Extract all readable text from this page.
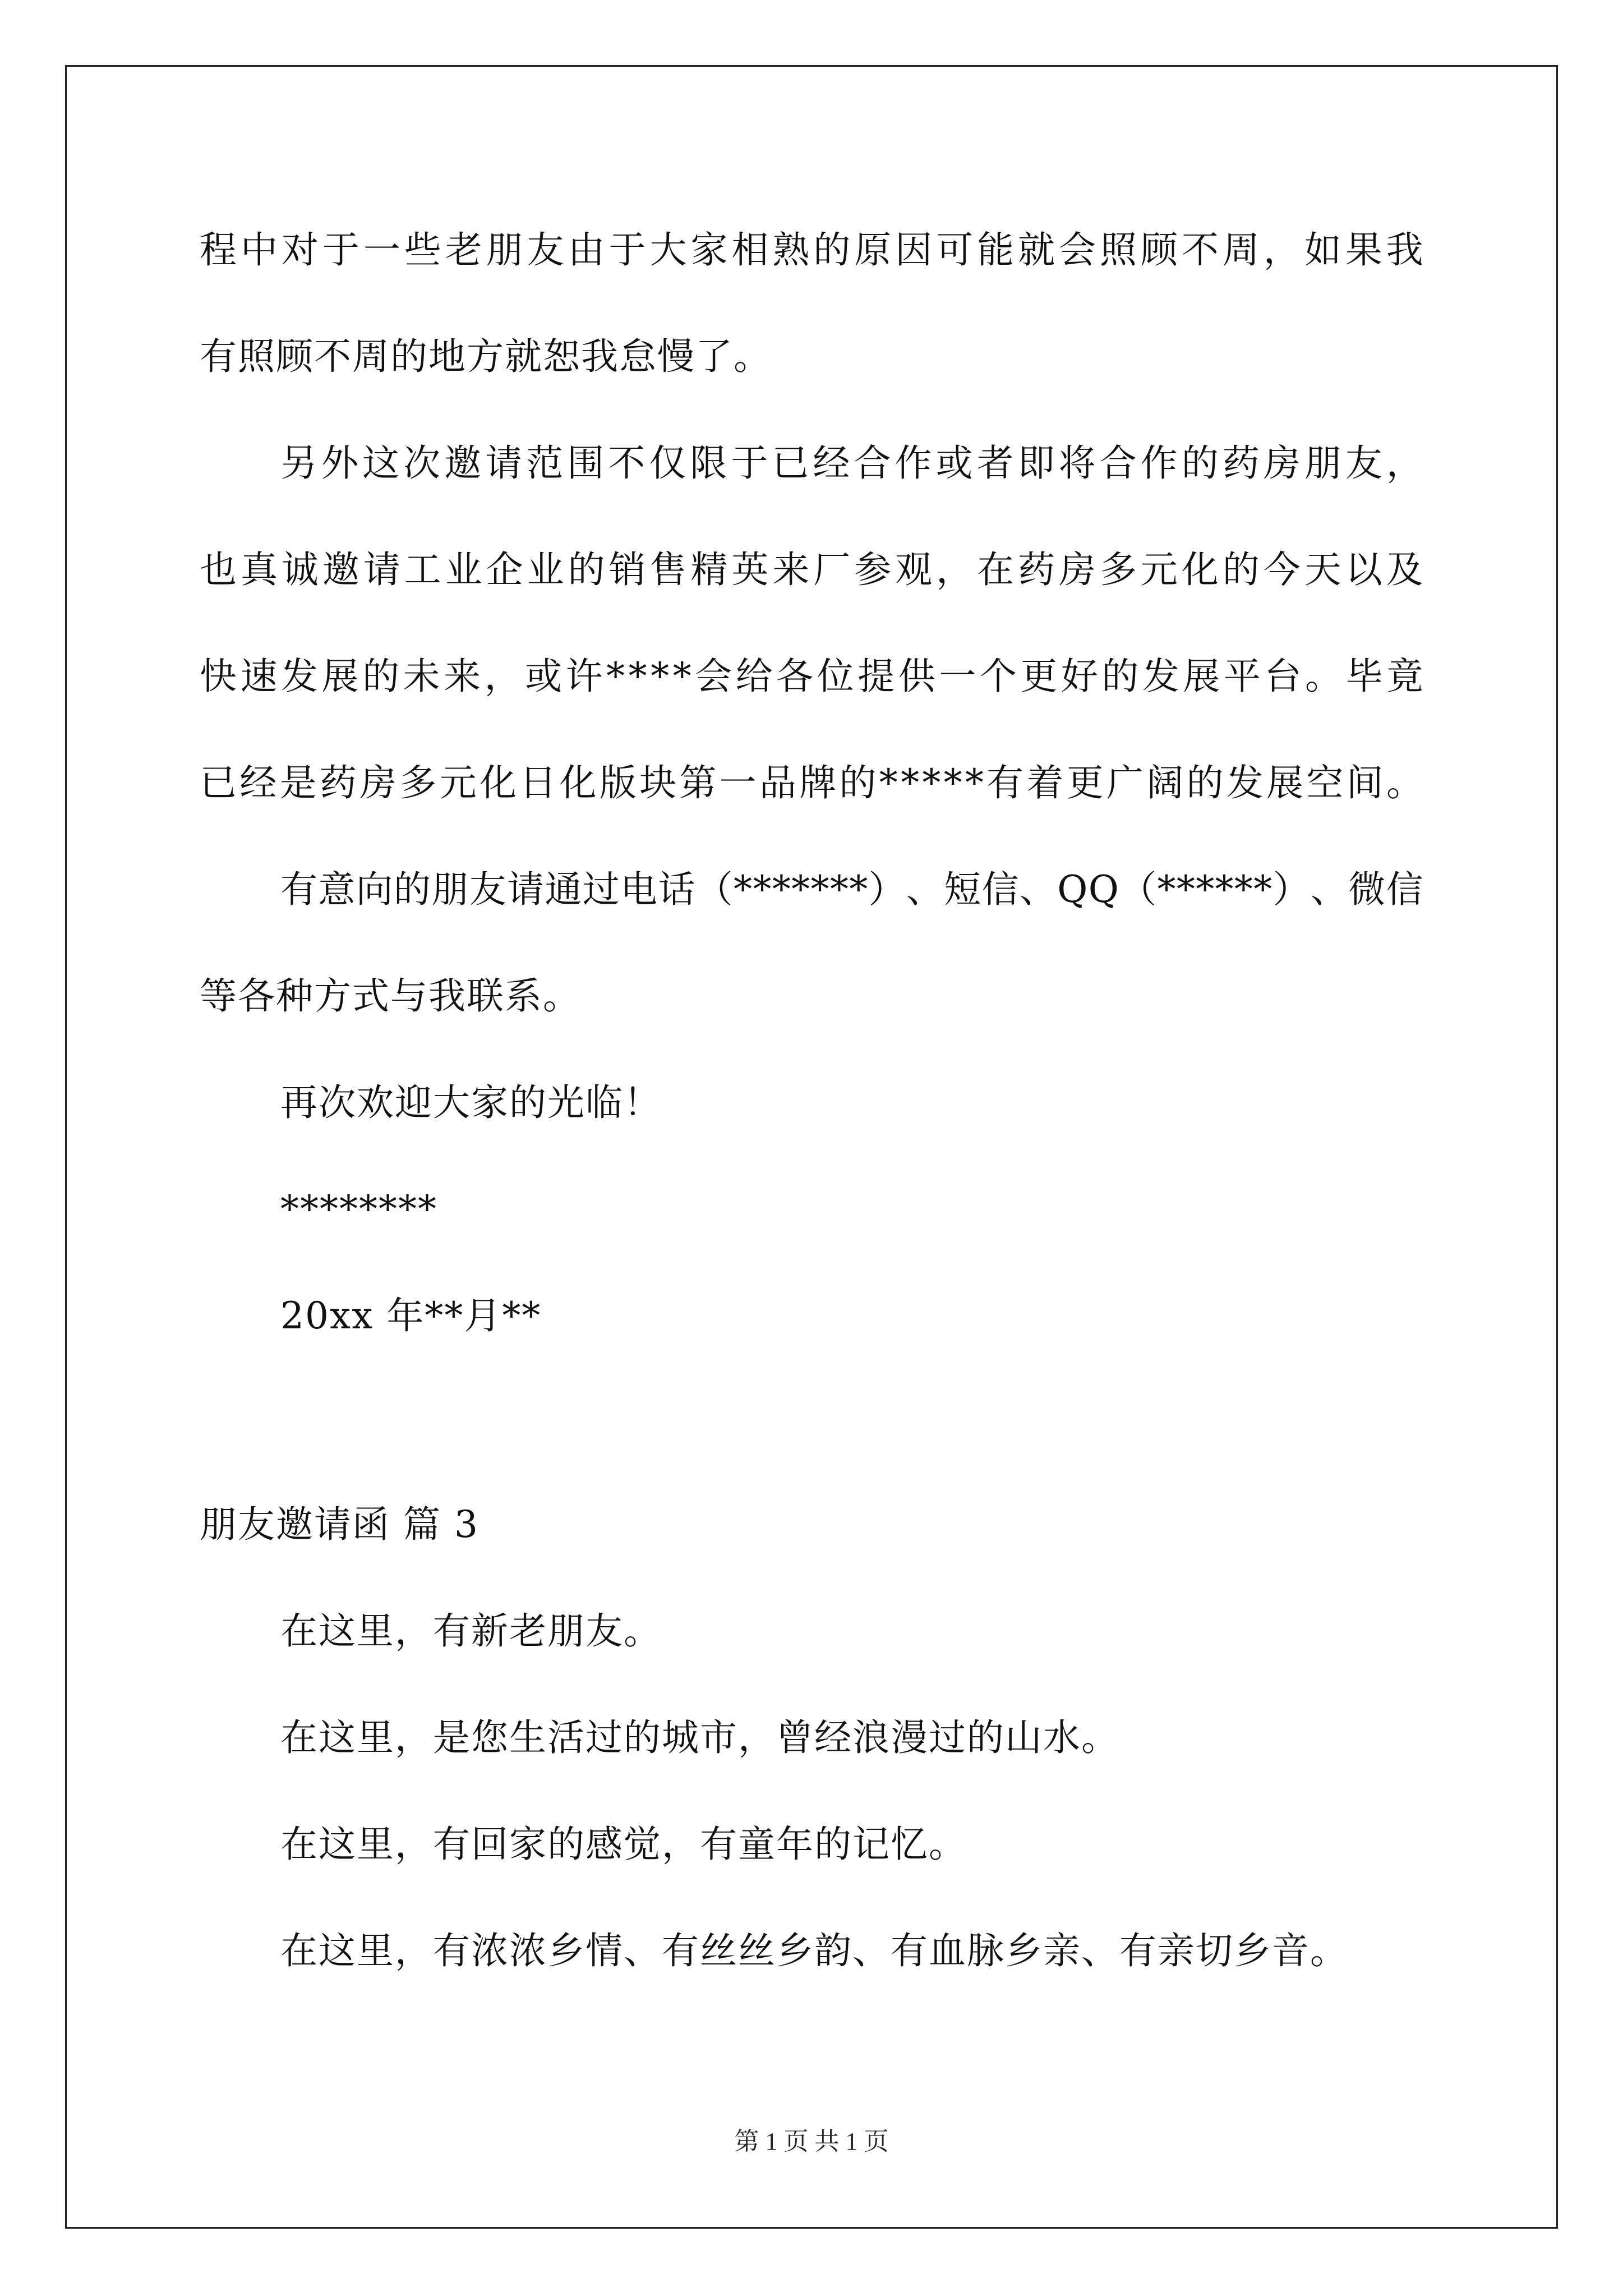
程 中 对 于 一 些 老 朋 友 由 于 大 家 相 熟 的 原 因 可 能 就 会 照 顾 不 周 ， 如 果 我
有照顾不周的地方就恕我怠慢了。
另 外 这 次 邀 请 范 围 不 仅 限 于 已 经 合 作 或 者 即 将 合 作 的 药 房 朋 友 ，
也 真 诚 邀 请 工 业 企 业 的 销 售 精 英 来 厂 参 观 ， 在 药 房 多 元 化 的 今 天 以 及
快 速 发 展 的 未 来 ， 或 许 * * * * 会 给 各 位 提 供 一 个 更 好 的 发 展 平 台 。 毕 竟
已 经 是 药 房 多 元 化 日 化 版 块 第 一 品 牌 的 * * * * * 有 着 更 广 阔 的 发 展 空 间 。
有 意 向 的 朋 友 请 通 过 电 话 （ * * * * * * * ） 、 短 信 、 Q Q （ * * * * * * ） 、 微 信
等各种方式与我联系。
再次欢迎大家的光临！
********
20xx 年**月**
朋友邀请函 篇 3
在这里，有新老朋友。
在这里，是您生活过的城市，曾经浪漫过的山水。
在这里，有回家的感觉，有童年的记忆。
在这里，有浓浓乡情、有丝丝乡韵、有血脉乡亲、有亲切乡音。
第 1 页 共 1 页
